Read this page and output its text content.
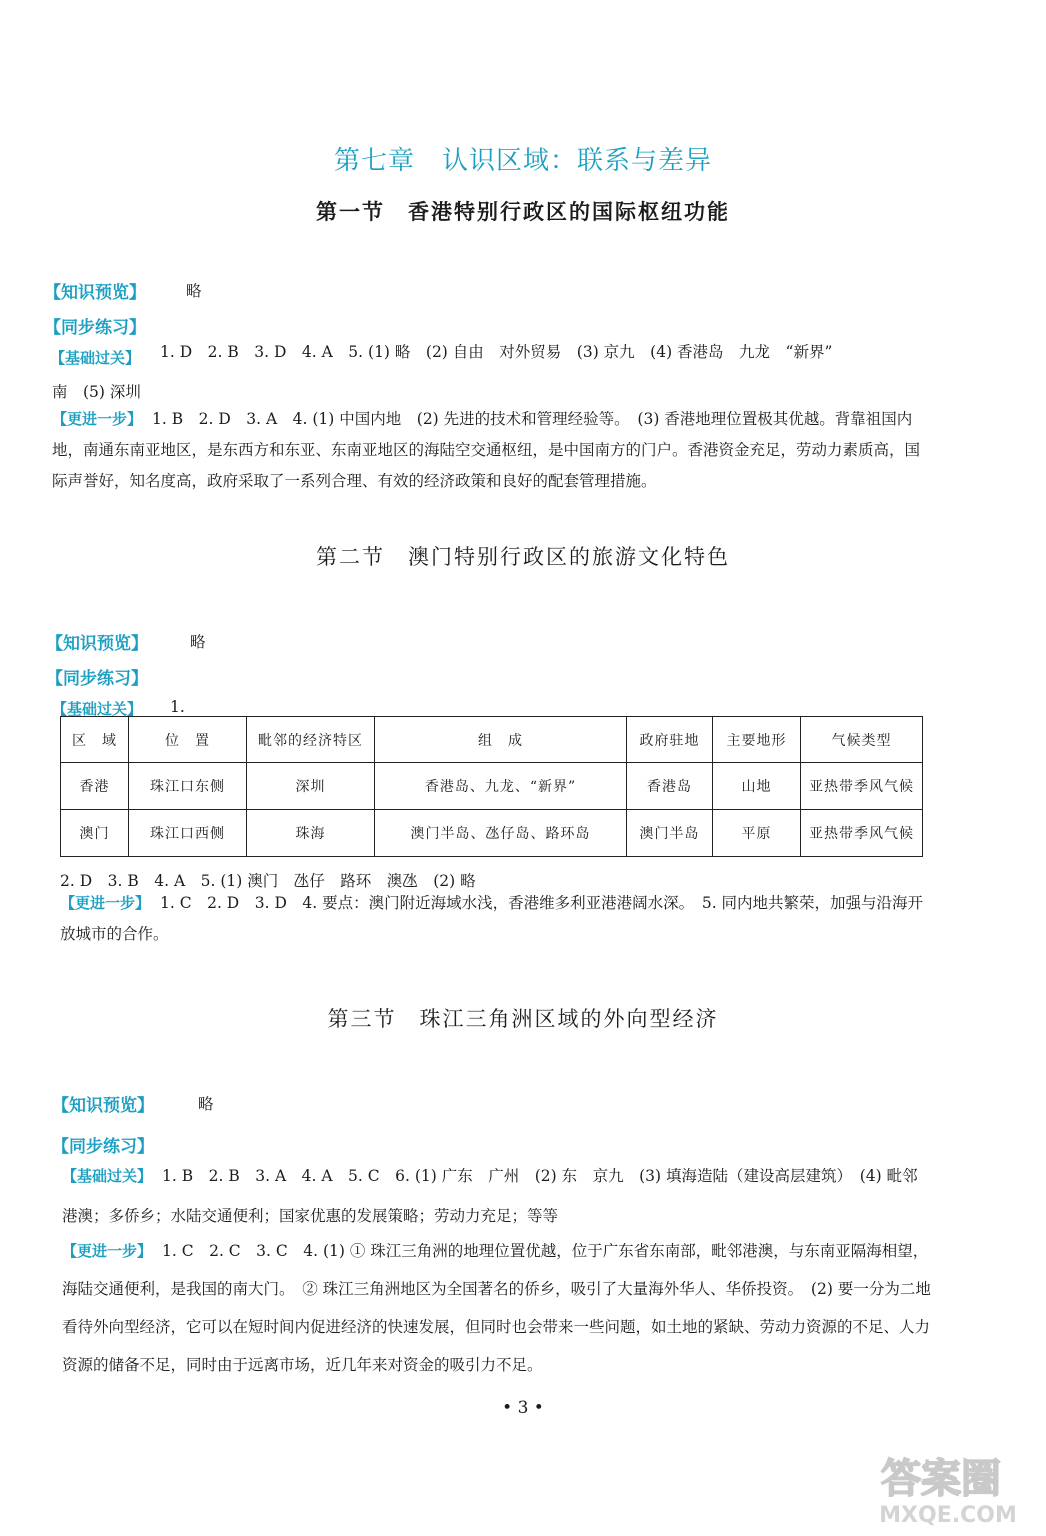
第七章　认识区域：联系与差异
第一节　香港特别行政区的国际枢纽功能
【知识预览】	略
【同步练习】
【基础过关】 1. D　2. B　3. D　4. A　5. (1) 略　(2) 自由　对外贸易　(3) 京九　(4) 香港岛　九龙　“新界”
南　(5) 深圳
【更进一步】 1. B　2. D　3. A　4. (1) 中国内地　(2) 先进的技术和管理经验等。　(3) 香港地理位置极其优越。背靠祖国内地，南通东南亚地区，是东西方和东亚、东南亚地区的海陆空交通枢纽，是中国南方的门户。香港资金充足，劳动力素质高，国际声誉好，知名度高，政府采取了一系列合理、有效的经济政策和良好的配套管理措施。
第二节　澳门特别行政区的旅游文化特色
【知识预览】	略
【同步练习】
【基础过关】 1.
区　域	位　置	毗邻的经济特区	组　成	政府驻地	主要地形	气候类型
香港	珠江口东侧	深圳	香港岛、九龙、“新界”	香港岛	山地	亚热带季风气候
澳门	珠江口西侧	珠海	澳门半岛、氹仔岛、路环岛	澳门半岛	平原	亚热带季风气候
2. D　3. B　4. A　5. (1) 澳门　氹仔　路环　澳氹　(2) 略
【更进一步】 1. C　2. D　3. D　4. 要点：澳门附近海域水浅，香港维多利亚港港阔水深。　5. 同内地共繁荣，加强与沿海开放城市的合作。
第三节　珠江三角洲区域的外向型经济
【知识预览】	略
【同步练习】
【基础过关】 1. B　2. B　3. A　4. A　5. C　6. (1) 广东　广州　(2) 东　京九　(3) 填海造陆（建设高层建筑）　(4) 毗邻港澳；多侨乡；水陆交通便利；国家优惠的发展策略；劳动力充足；等等
【更进一步】 1. C　2. C　3. C　4. (1) ① 珠江三角洲的地理位置优越，位于广东省东南部，毗邻港澳，与东南亚隔海相望，海陆交通便利，是我国的南大门。　② 珠江三角洲地区为全国著名的侨乡，吸引了大量海外华人、华侨投资。　(2) 要一分为二地看待外向型经济，它可以在短时间内促进经济的快速发展，但同时也会带来一些问题，如土地的紧缺、劳动力资源的不足、人力资源的储备不足，同时由于远离市场，近几年来对资金的吸引力不足。
• 3 •
答案圈
MXQE.COM
